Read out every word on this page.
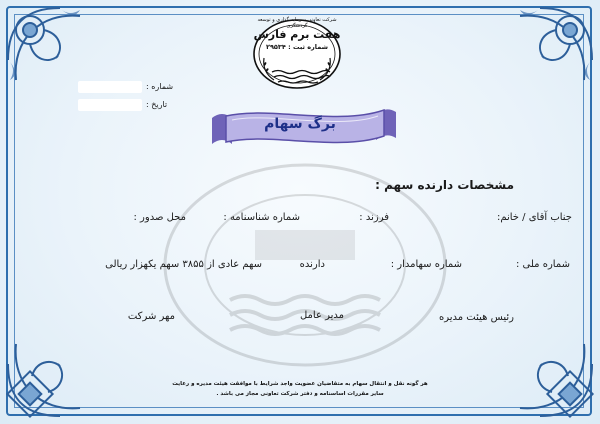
شرکت تعاونی سرمایه گذاری و توسعه گردشگری
هفت برم فارس
شماره ثبت : ۲۹۵۳۴
شماره :
تاریخ :
برگ سهام
مشخصات دارنده سهم :
جناب آقای / خانم:
فرزند :
شماره شناسنامه :
محل صدور :
شماره ملی :
شماره سهامدار :
دارنده
سهم عادی از ۳۸۵۵ سهم یکهزار ریالی
رئیس هیئت مدیره
مدیر عامل
مهر شرکت
هر گونه نقل و انتقال سهام به متقاضیان عضویت واجد شرایط با موافقت هیئت مدیره و رعایت
سایر مقررات اساسنامه و دفتر شرکت تعاونی مجاز می باشد .
